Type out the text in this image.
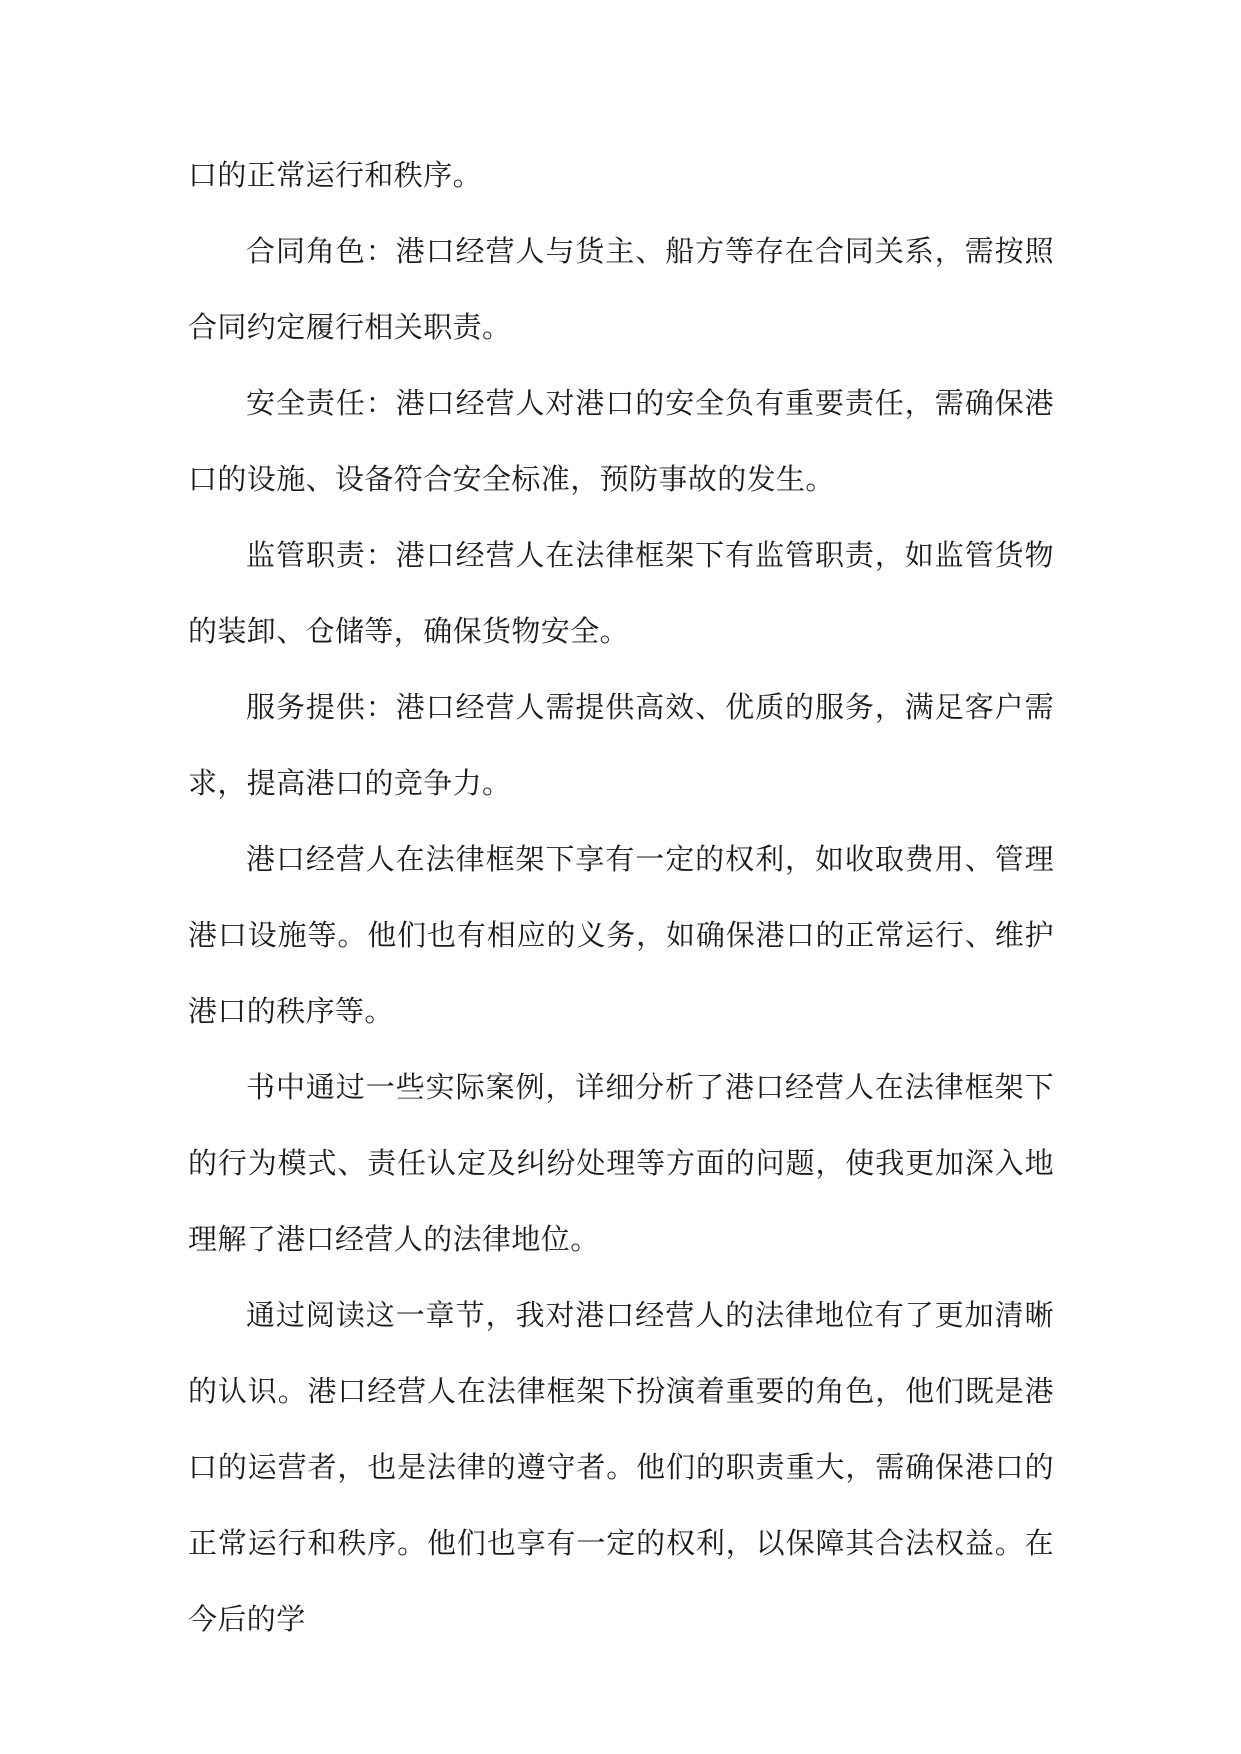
口的正常运行和秩序。

合同角色：港口经营人与货主、船方等存在合同关系，需按照合同约定履行相关职责。

安全责任：港口经营人对港口的安全负有重要责任，需确保港口的设施、设备符合安全标准，预防事故的发生。

监管职责：港口经营人在法律框架下有监管职责，如监管货物的装卸、仓储等，确保货物安全。

服务提供：港口经营人需提供高效、优质的服务，满足客户需求，提高港口的竞争力。

港口经营人在法律框架下享有一定的权利，如收取费用、管理港口设施等。他们也有相应的义务，如确保港口的正常运行、维护港口的秩序等。

书中通过一些实际案例，详细分析了港口经营人在法律框架下的行为模式、责任认定及纠纷处理等方面的问题，使我更加深入地理解了港口经营人的法律地位。

通过阅读这一章节，我对港口经营人的法律地位有了更加清晰的认识。港口经营人在法律框架下扮演着重要的角色，他们既是港口的运营者，也是法律的遵守者。他们的职责重大，需确保港口的正常运行和秩序。他们也享有一定的权利，以保障其合法权益。在今后的学
